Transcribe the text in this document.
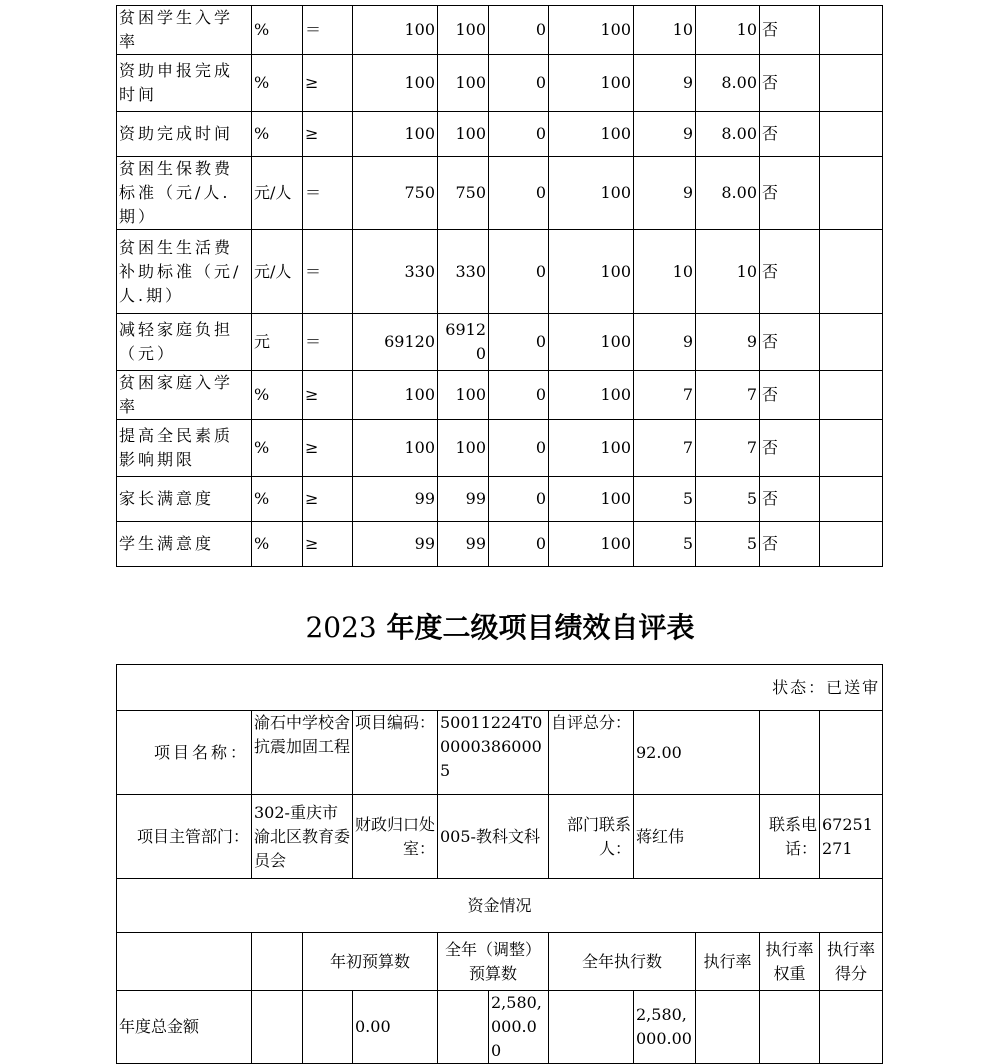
贫困学生入学率	%	＝	100	100	0	100	10	10	否	
资助申报完成时间	%	≥	100	100	0	100	9	8.00	否	
资助完成时间	%	≥	100	100	0	100	9	8.00	否	
贫困生保教费标准（元/人.期）	元/人	＝	750	750	0	100	9	8.00	否	
贫困生生活费补助标准（元/人.期）	元/人	＝	330	330	0	100	10	10	否	
减轻家庭负担（元）	元	＝	69120	69120	0	100	9	9	否	
贫困家庭入学率	%	≥	100	100	0	100	7	7	否	
提高全民素质影响期限	%	≥	100	100	0	100	7	7	否	
家长满意度	%	≥	99	99	0	100	5	5	否	
学生满意度	%	≥	99	99	0	100	5	5	否	
2023 年度二级项目绩效自评表
状态：已送审										
项目名称：	渝石中学校舍抗震加固工程		项目编码：	50011224T000003860005		自评总分：	92.00			
项目主管部门：	302-重庆市渝北区教育委员会		财政归口处室：	005-教科文科		部门联系人：	蒋红伟		联系电话：	67251271
资金情况										
		年初预算数		全年（调整）预算数		全年执行数		执行率	执行率权重	执行率得分
年度总金额			0.00		2,580,000.00		2,580,000.00			
